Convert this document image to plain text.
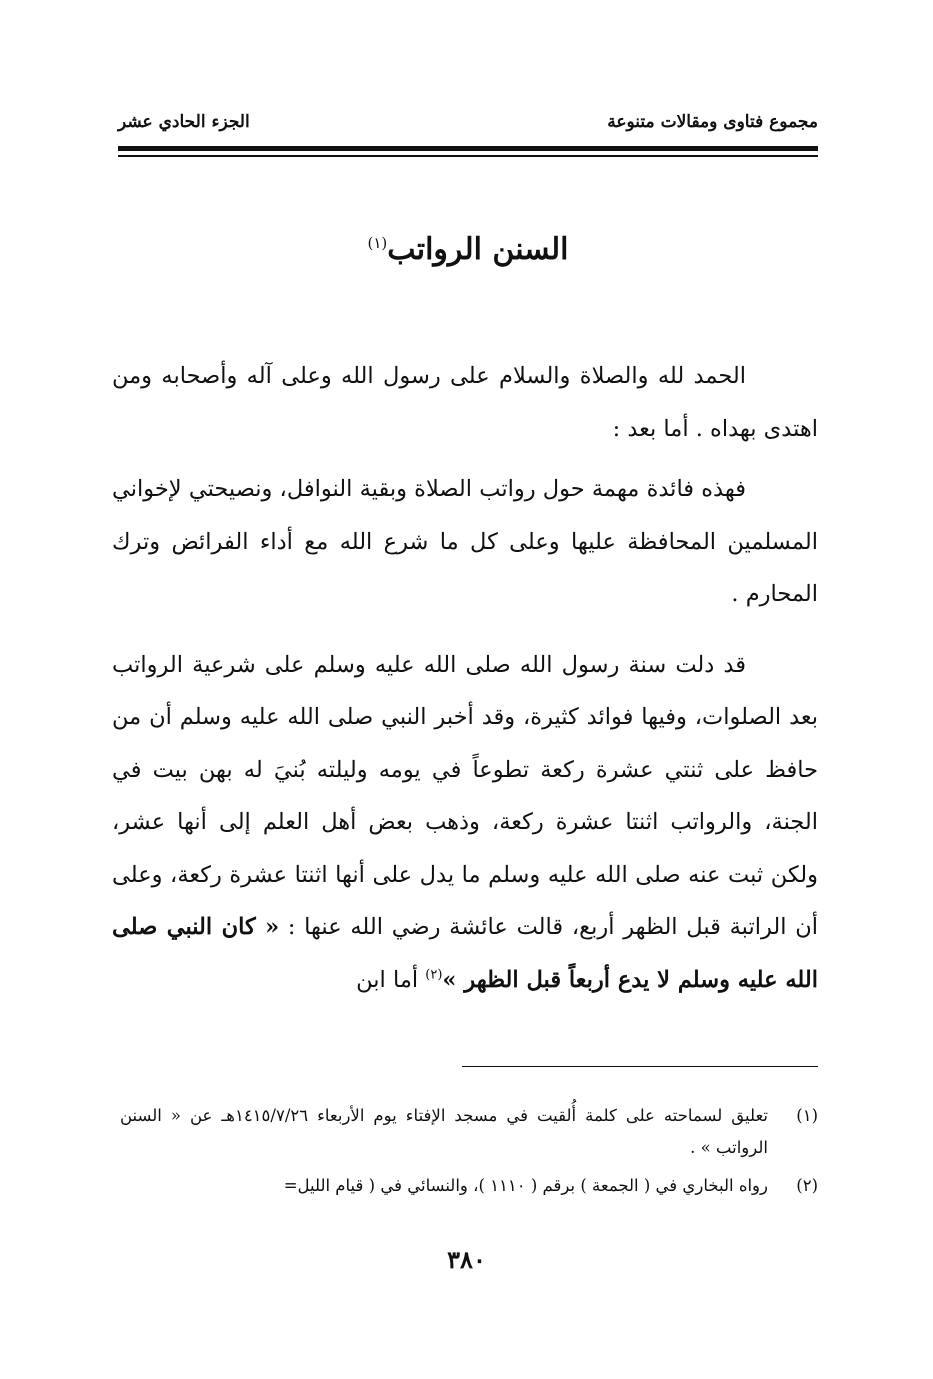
مجموع فتاوى ومقالات متنوعة
الجزء الحادي عشر
السنن الرواتب$^{(١)}$

الحمد لله والصلاة والسلام على رسول الله وعلى آله وأصحابه ومن اهتدى بهداه . أما بعد :

فهذه فائدة مهمة حول رواتب الصلاة وبقية النوافل، ونصيحتي لإخواني المسلمين المحافظة عليها وعلى كل ما شرع الله مع أداء الفرائض وترك المحارم .

قد دلت سنة رسول الله صلى الله عليه وسلم على شرعية الرواتب بعد الصلوات، وفيها فوائد كثيرة، وقد أخبر النبي صلى الله عليه وسلم أن من حافظ على ثنتي عشرة ركعة تطوعاً في يومه وليلته بُنيَ له بهن بيت في الجنة، والرواتب اثنتا عشرة ركعة، وذهب بعض أهل العلم إلى أنها عشر، ولكن ثبت عنه صلى الله عليه وسلم ما يدل على أنها اثنتا عشرة ركعة، وعلى أن الراتبة قبل الظهر أربع، قالت عائشة رضي الله عنها : « كان النبي صلى الله عليه وسلم لا يدع أربعاً قبل الظهر »$^{(٢)}$ أما ابن

(١)
تعليق لسماحته على كلمة أُلقيت في مسجد الإفتاء يوم الأربعاء ١٤١٥/٧/٢٦هـ عن « السنن الرواتب » .
(٢)
رواه البخاري في ( الجمعة ) برقم ( ١١١٠ )، والنسائي في ( قيام الليل=
٣٨٠
